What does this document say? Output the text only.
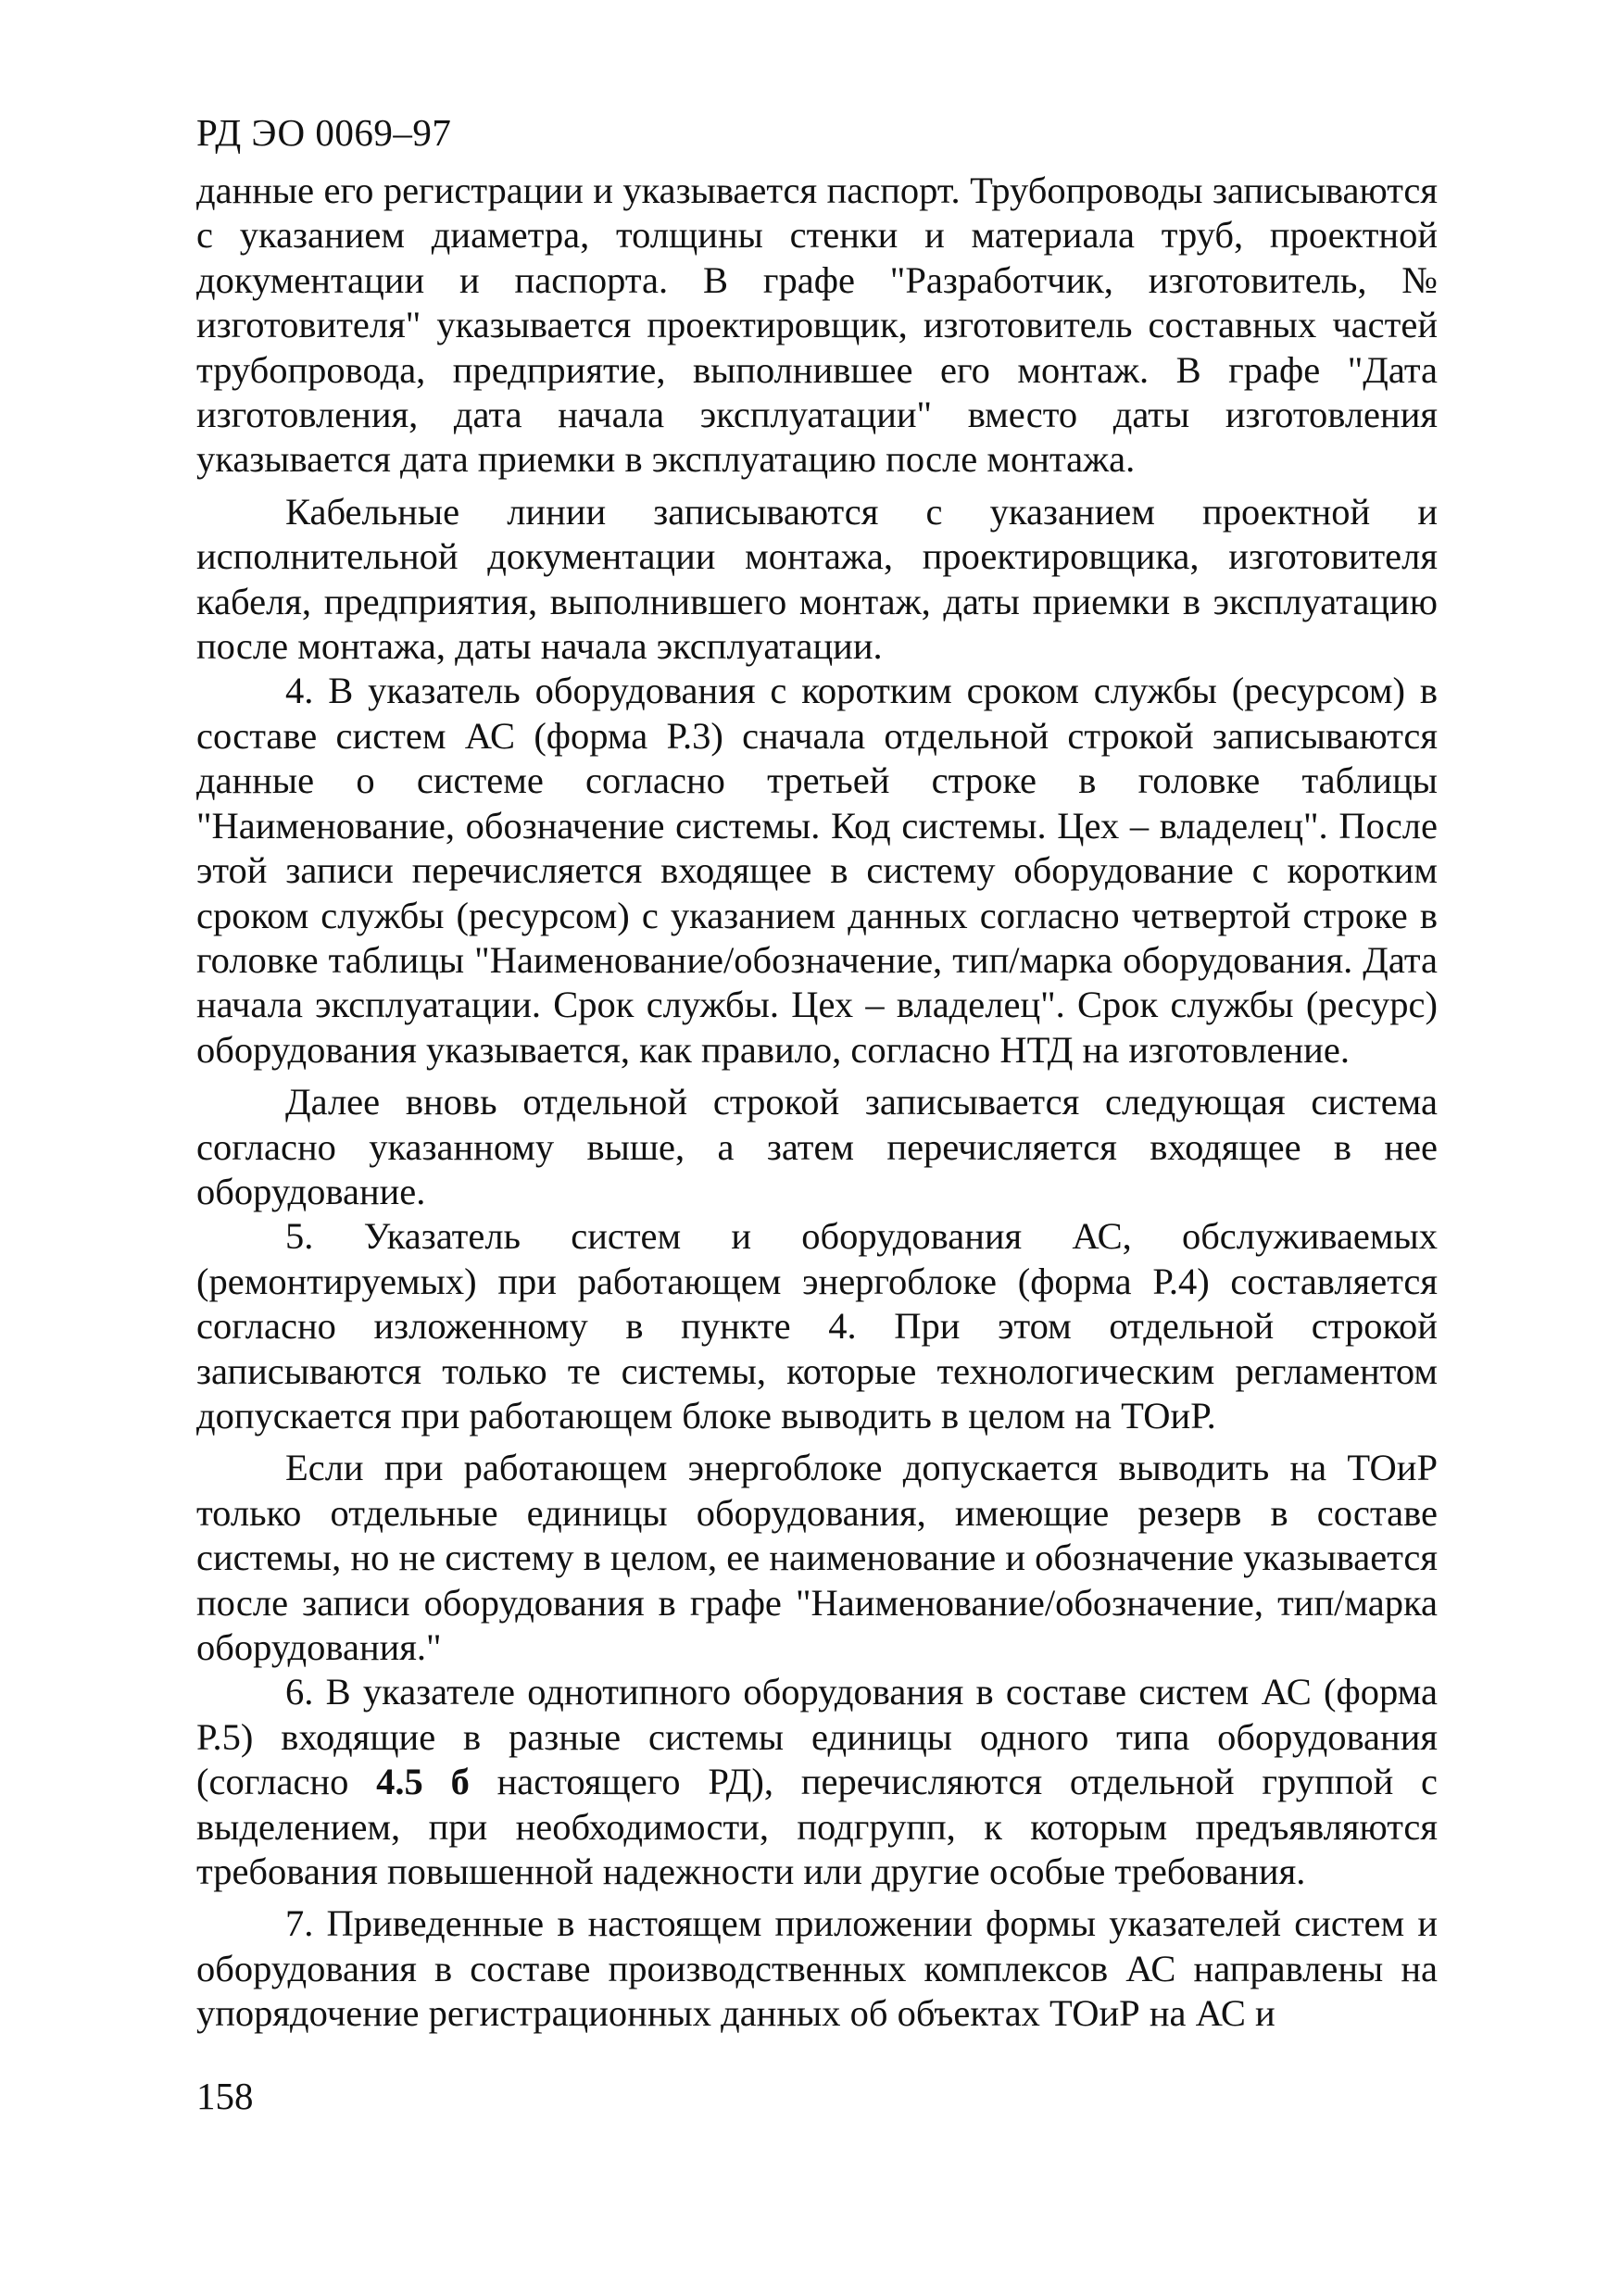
РД ЭО 0069–97

данные его регистрации и указывается паспорт. Трубопроводы записываются с указанием диаметра, толщины стенки и материала труб, проектной документации и паспорта. В графе "Разработчик, изготовитель, № изготовителя" указывается проектировщик, изготовитель составных частей трубопровода, предприятие, выполнившее его монтаж. В графе "Дата изготовления, дата начала эксплуатации" вместо даты изготовления указывается дата приемки в эксплуатацию после монтажа.

Кабельные линии записываются с указанием проектной и исполнительной документации монтажа, проектировщика, изготовителя кабеля, предприятия, выполнившего монтаж, даты приемки в эксплуатацию после монтажа, даты начала эксплуатации.

4. В указатель оборудования с коротким сроком службы (ресурсом) в составе систем АС (форма Р.3) сначала отдельной строкой записываются данные о системе согласно третьей строке в головке таблицы "Наименование, обозначение системы. Код системы. Цех – владелец". После этой записи перечисляется входящее в систему оборудование с коротким сроком службы (ресурсом) с указанием данных согласно четвертой строке в головке таблицы "Наименование/обозначение, тип/марка оборудования. Дата начала эксплуатации. Срок службы. Цех – владелец". Срок службы (ресурс) оборудования указывается, как правило, согласно НТД на изготовление.

Далее вновь отдельной строкой записывается следующая система согласно указанному выше, а затем перечисляется входящее в нее оборудование.

5. Указатель систем и оборудования АС, обслуживаемых (ремонтируемых) при работающем энергоблоке (форма Р.4) составляется согласно изложенному в пункте 4. При этом отдельной строкой записываются только те системы, которые технологическим регламентом допускается при работающем блоке выводить в целом на ТОиР.

Если при работающем энергоблоке допускается выводить на ТОиР только отдельные единицы оборудования, имеющие резерв в составе системы, но не систему в целом, ее наименование и обозначение указывается после записи оборудования в графе "Наименование/обозначение, тип/марка оборудования."

6. В указателе однотипного оборудования в составе систем АС (форма Р.5) входящие в разные системы единицы одного типа оборудования (согласно 4.5 б настоящего РД), перечисляются отдельной группой с выделением, при необходимости, подгрупп, к которым предъявляются требования повышенной надежности или другие особые требования.

7. Приведенные в настоящем приложении формы указателей систем и оборудования в составе производственных комплексов АС направлены на упорядочение регистрационных данных об объектах ТОиР на АС и

158
